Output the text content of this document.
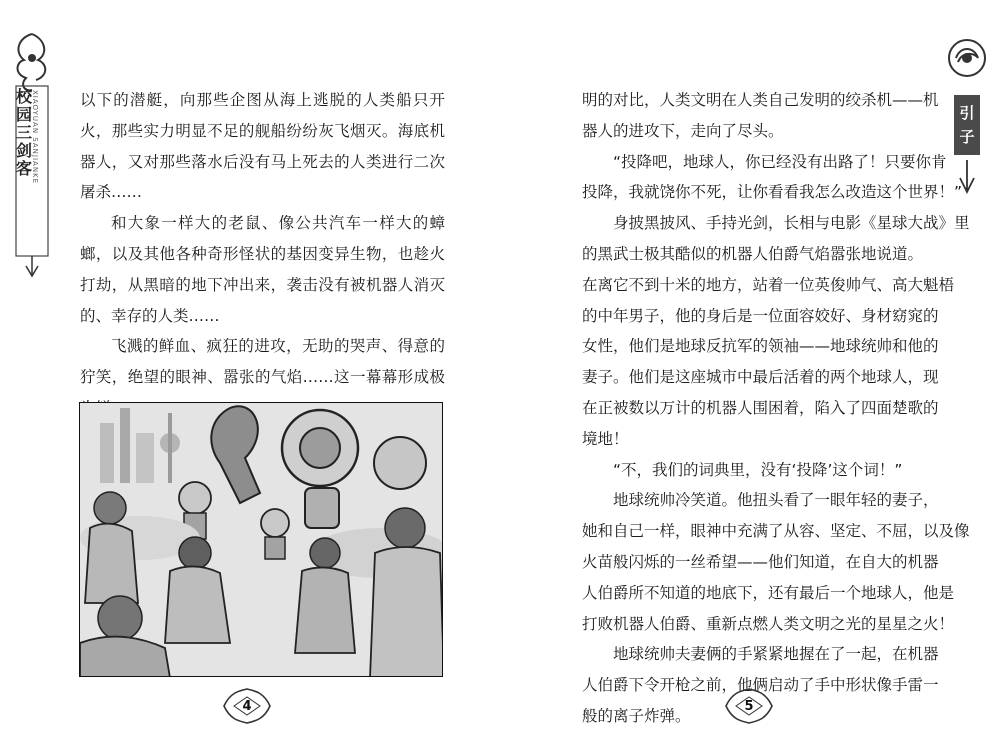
校
园
三
剑
客 XIAOYUAN SANJIANKE	以下的潜艇，向那些企图从海上逃脱的人类船只开火，那些实力明显不足的舰船纷纷灰飞烟灭。海底机器人，又对那些落水后没有马上死去的人类进行二次屠杀……

和大象一样大的老鼠、像公共汽车一样大的蟑螂，以及其他各种奇形怪状的基因变异生物，也趁火打劫，从黑暗的地下冲出来，袭击没有被机器人消灭的、幸存的人类……

飞溅的鲜血、疯狂的进攻，无助的哭声、得意的狞笑，绝望的眼神、嚣张的气焰……这一幕幕形成极

4
明的对比，人类文明在人类自己发明的绞杀机——机
器人的进攻下，走向了尽头。
“投降吧，地球人，你已经没有出路了！只要你肯
投降，我就饶你不死，让你看看我怎么改造这个世界！”
身披黑披风、手持光剑，长相与电影《星球大战》里
的黑武士极其酷似的机器人伯爵气焰嚣张地说道。
在离它不到十米的地方，站着一位英俊帅气、高大魁梧
的中年男子，他的身后是一位面容姣好、身材窈窕的
女性，他们是地球反抗军的领袖——地球统帅和他的
妻子。他们是这座城市中最后活着的两个地球人，现
在正被数以万计的机器人围困着，陷入了四面楚歌的
境地！
“不，我们的词典里，没有‘投降’这个词！”
地球统帅冷笑道。他扭头看了一眼年轻的妻子，
她和自己一样，眼神中充满了从容、坚定、不屈，以及像
火苗般闪烁的一丝希望——他们知道，在自大的机器
人伯爵所不知道的地底下，还有最后一个地球人，他是
打败机器人伯爵、重新点燃人类文明之光的星星之火！
地球统帅夫妻俩的手紧紧地握在了一起，在机器
人伯爵下令开枪之前，他俩启动了手中形状像手雷一
般的离子炸弹。
引
子
5
